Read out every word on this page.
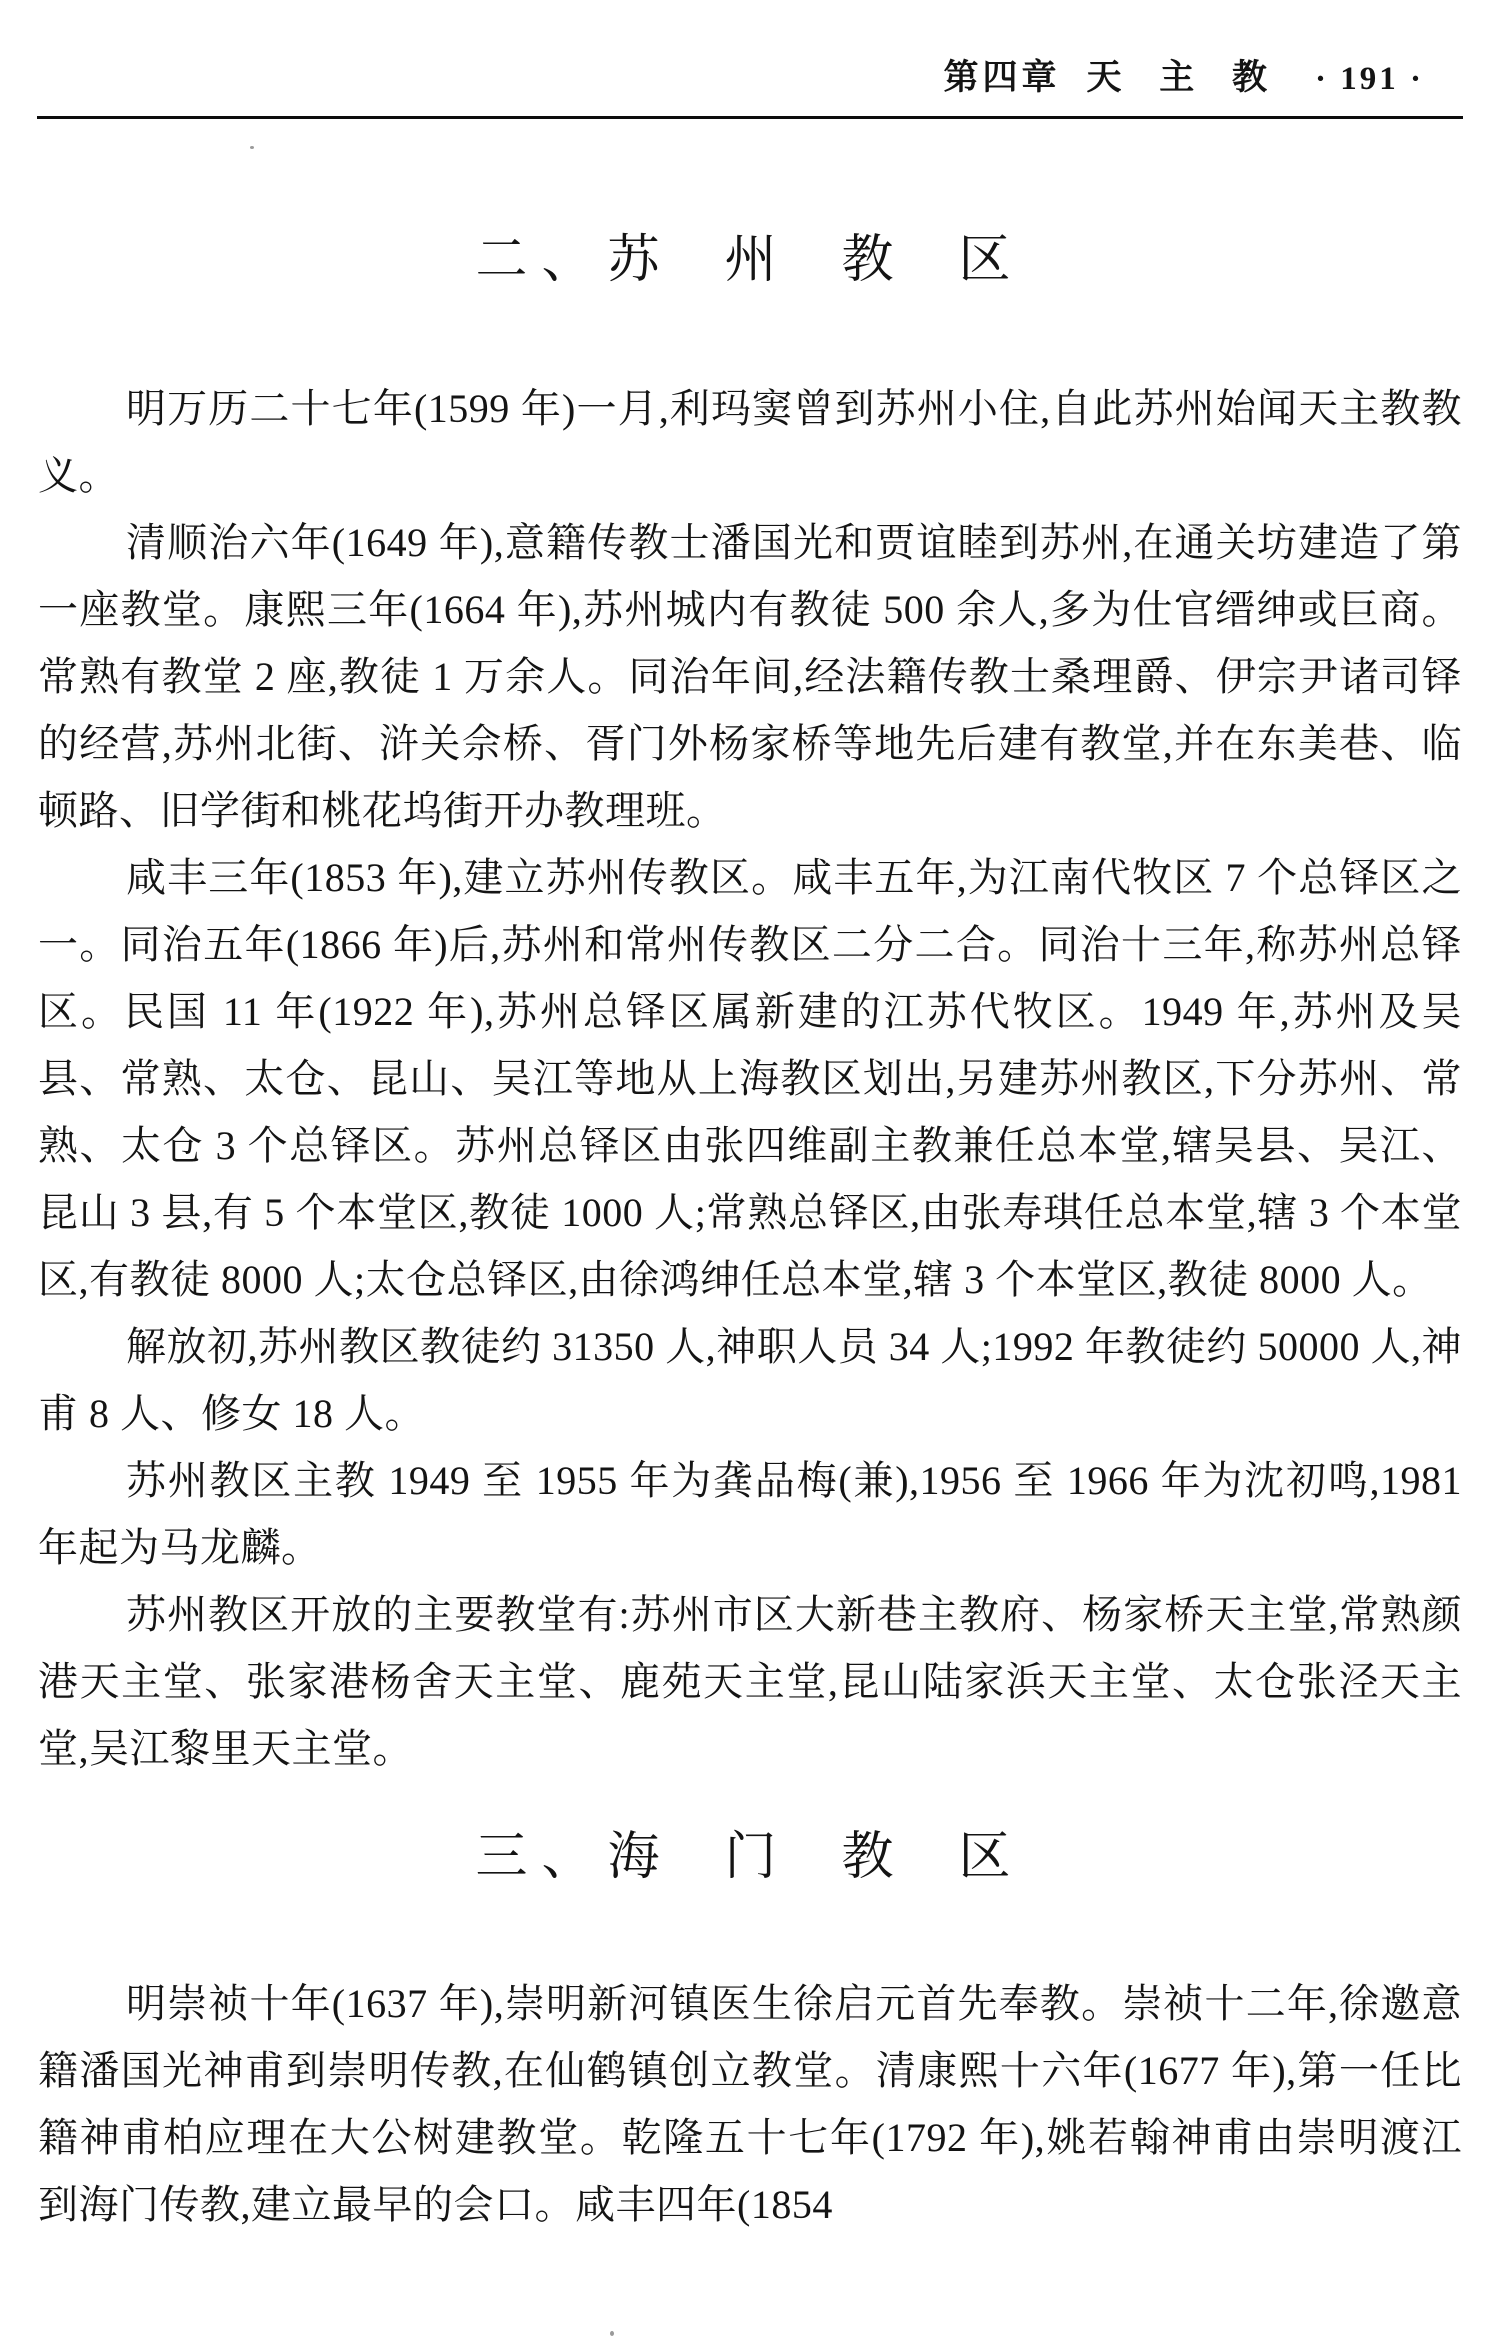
第四章 天 主 教 · 191 ·
二、苏 州 教 区

明万历二十七年(1599 年)一月,利玛窦曾到苏州小住,自此苏州始闻天主教教义。

清顺治六年(1649 年),意籍传教士潘国光和贾谊睦到苏州,在通关坊建造了第一座教堂。康熙三年(1664 年),苏州城内有教徒 500 余人,多为仕官缙绅或巨商。常熟有教堂 2 座,教徒 1 万余人。同治年间,经法籍传教士桑理爵、伊宗尹诸司铎的经营,苏州北街、浒关佘桥、胥门外杨家桥等地先后建有教堂,并在东美巷、临顿路、旧学街和桃花坞街开办教理班。

咸丰三年(1853 年),建立苏州传教区。咸丰五年,为江南代牧区 7 个总铎区之一。同治五年(1866 年)后,苏州和常州传教区二分二合。同治十三年,称苏州总铎区。民国 11 年(1922 年),苏州总铎区属新建的江苏代牧区。1949 年,苏州及吴县、常熟、太仓、昆山、吴江等地从上海教区划出,另建苏州教区,下分苏州、常熟、太仓 3 个总铎区。苏州总铎区由张四维副主教兼任总本堂,辖吴县、吴江、昆山 3 县,有 5 个本堂区,教徒 1000 人;常熟总铎区,由张寿琪任总本堂,辖 3 个本堂区,有教徒 8000 人;太仓总铎区,由徐鸿绅任总本堂,辖 3 个本堂区,教徒 8000 人。

解放初,苏州教区教徒约 31350 人,神职人员 34 人;1992 年教徒约 50000 人,神甫 8 人、修女 18 人。

苏州教区主教 1949 至 1955 年为龚品梅(兼),1956 至 1966 年为沈初鸣,1981 年起为马龙麟。

苏州教区开放的主要教堂有:苏州市区大新巷主教府、杨家桥天主堂,常熟颜港天主堂、张家港杨舍天主堂、鹿苑天主堂,昆山陆家浜天主堂、太仓张泾天主堂,吴江黎里天主堂。

三、海 门 教 区

明崇祯十年(1637 年),崇明新河镇医生徐启元首先奉教。崇祯十二年,徐邀意籍潘国光神甫到崇明传教,在仙鹤镇创立教堂。清康熙十六年(1677 年),第一任比籍神甫柏应理在大公树建教堂。乾隆五十七年(1792 年),姚若翰神甫由崇明渡江到海门传教,建立最早的会口。咸丰四年(1854
